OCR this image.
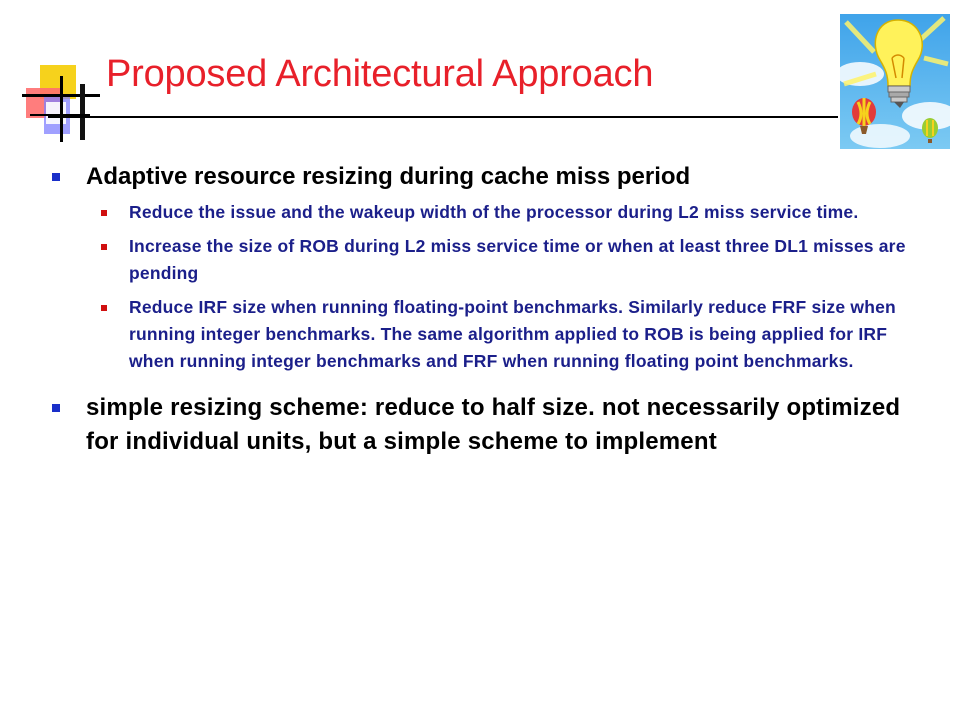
Proposed Architectural Approach

Adaptive resource resizing during cache miss period

Reduce the issue and the wakeup width of the processor during L2 miss service time.

Increase the size of ROB during L2 miss service time or when at least three DL1 misses are pending

Reduce IRF size when running floating-point benchmarks. Similarly reduce FRF size when running integer benchmarks. The same algorithm applied to ROB is being applied for IRF when running integer benchmarks and FRF when running floating point benchmarks.

simple resizing scheme: reduce to half size. not necessarily optimized for individual units, but a simple scheme to implement
